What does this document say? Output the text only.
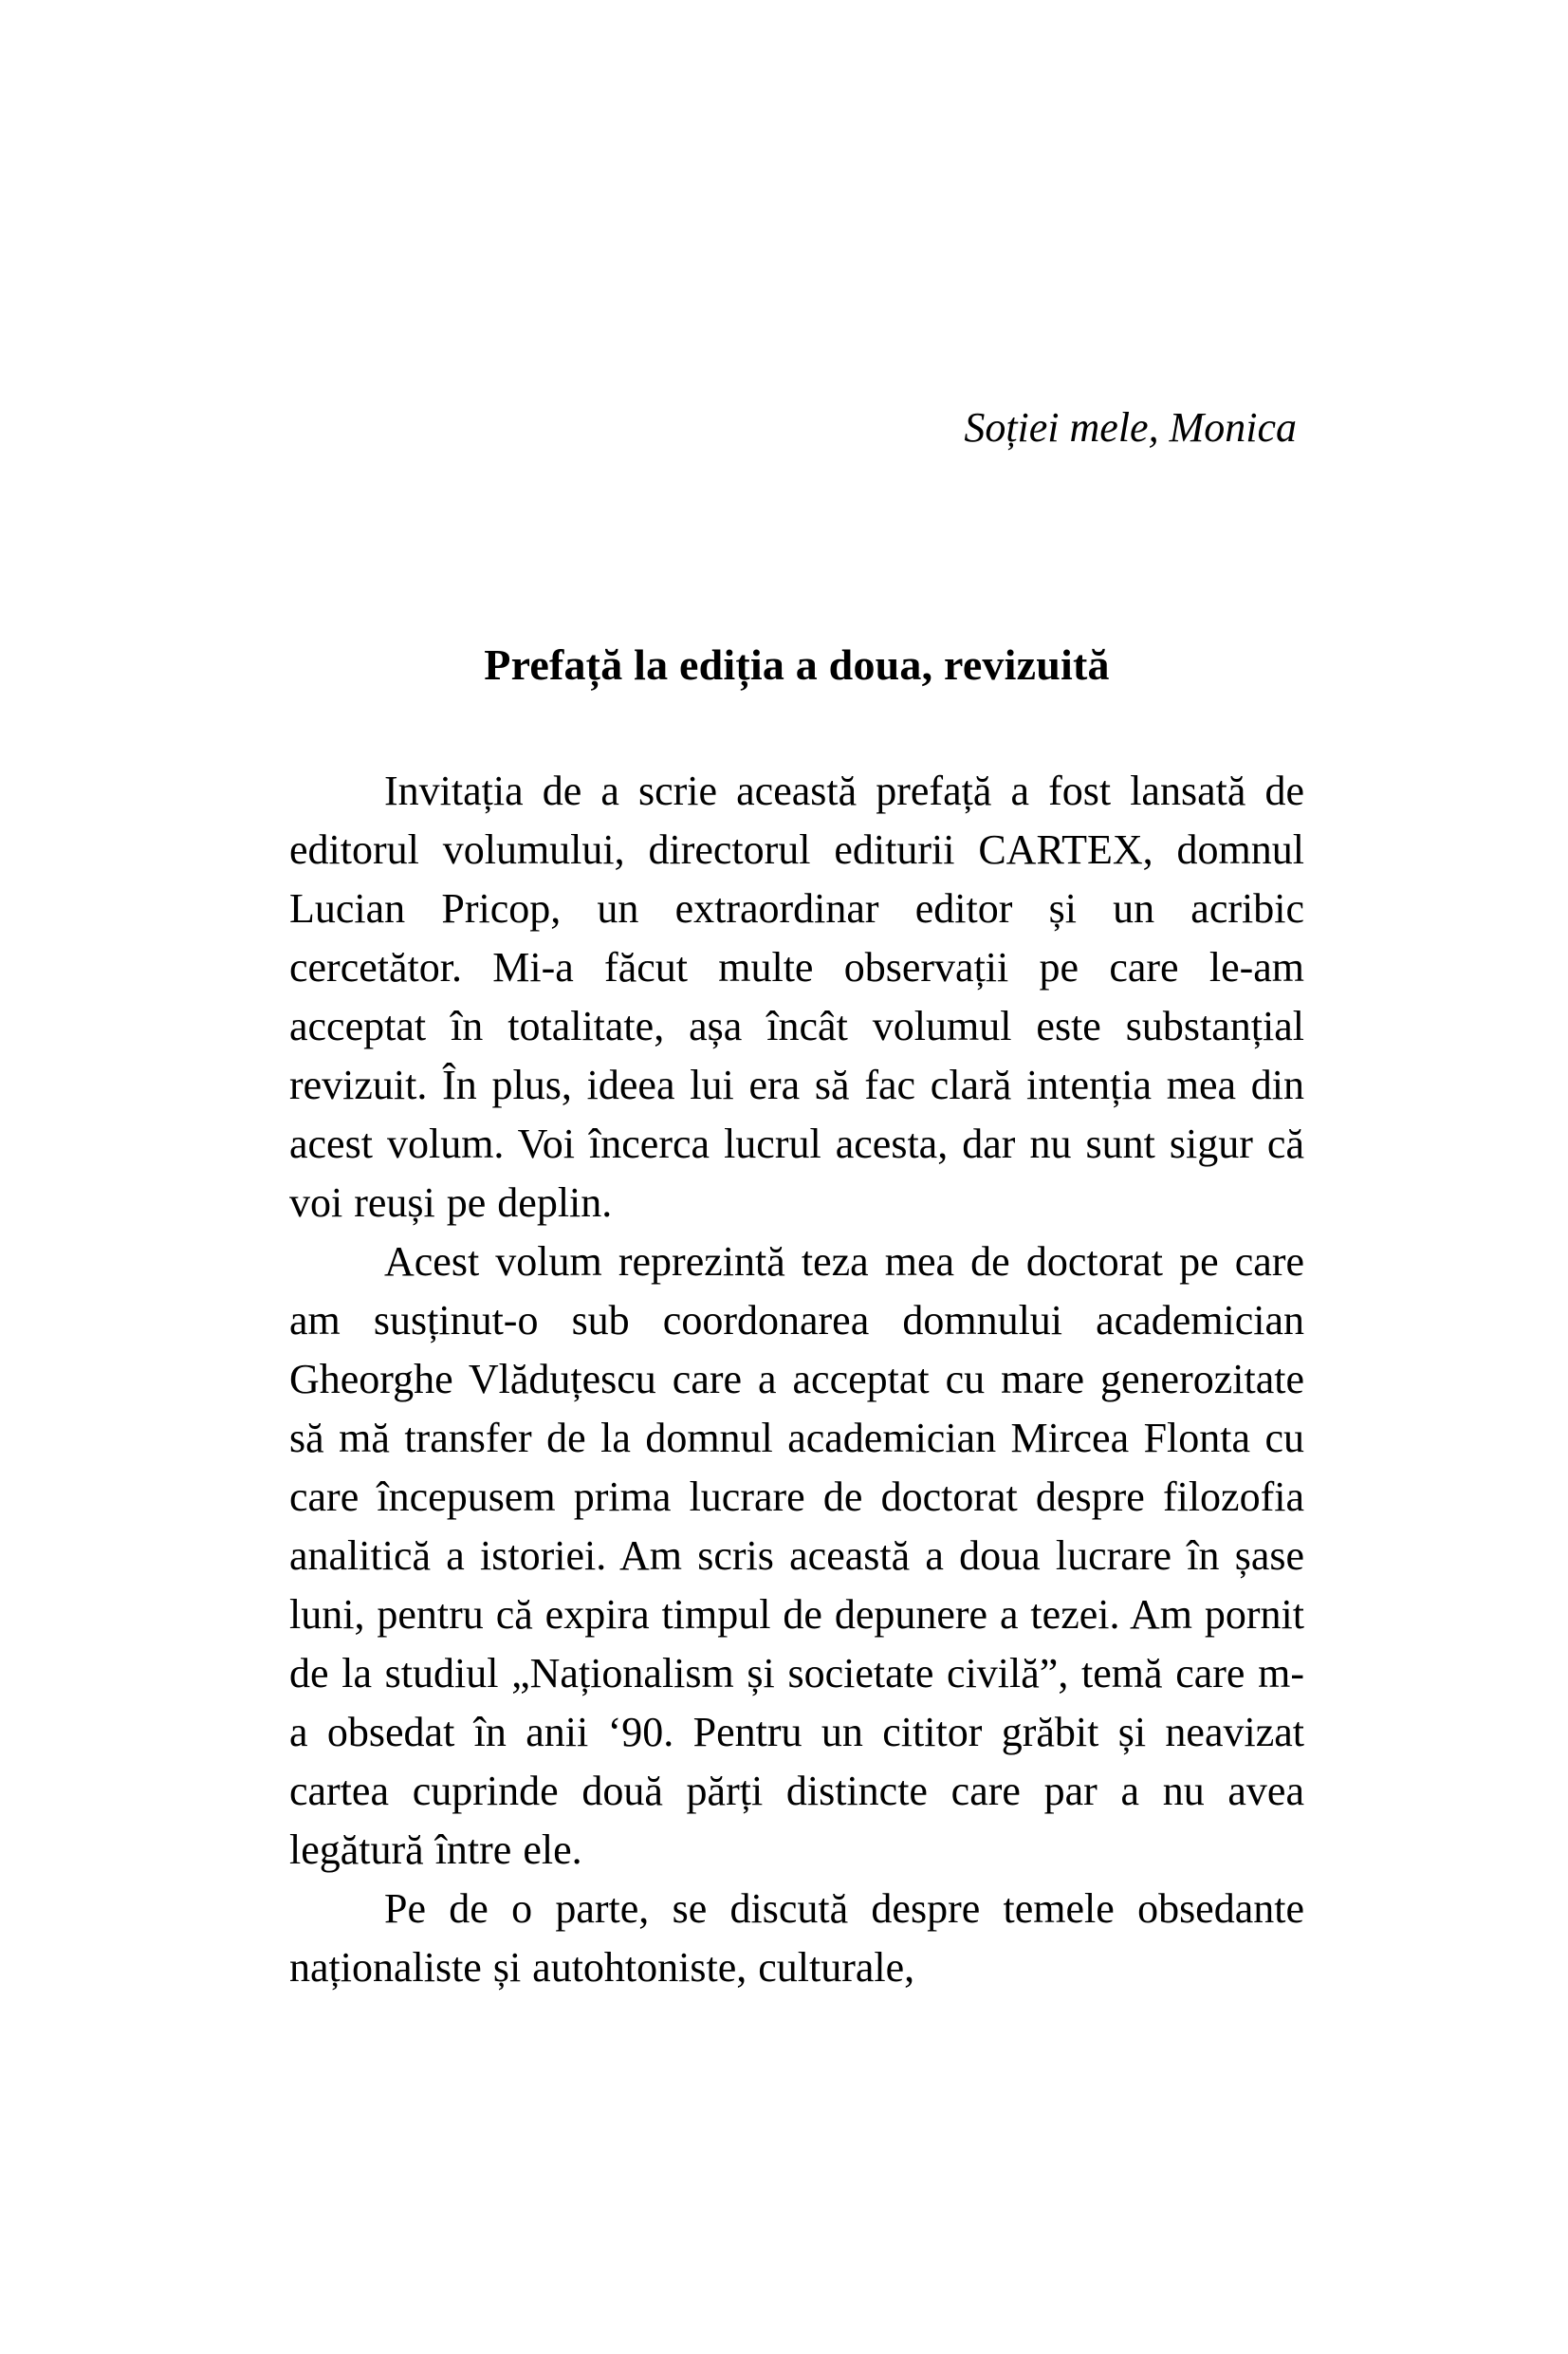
Soției mele, Monica
Prefață la ediția a doua, revizuită

Invitația de a scrie această prefață a fost lansată de editorul volumului, directorul editurii CARTEX, domnul Lucian Pricop, un extraordinar editor și un acribic cercetător. Mi-a făcut multe observații pe care le-am acceptat în totalitate, așa încât volumul este substanțial revizuit. În plus, ideea lui era să fac clară intenția mea din acest volum. Voi încerca lucrul acesta, dar nu sunt sigur că voi reuși pe deplin.

Acest volum reprezintă teza mea de doctorat pe care am susținut-o sub coordonarea domnului academician Gheorghe Vlăduțescu care a acceptat cu mare generozitate să mă transfer de la domnul academician Mircea Flonta cu care începusem prima lucrare de doctorat despre filozofia analitică a istoriei. Am scris această a doua lucrare în șase luni, pentru că expira timpul de depunere a tezei. Am pornit de la studiul „Naționalism și societate civilă”, temă care m-a obsedat în anii ‘90. Pentru un cititor grăbit și neavizat cartea cuprinde două părți distincte care par a nu avea legătură între ele.

Pe de o parte, se discută despre temele obsedante naționaliste și autohtoniste, culturale,
